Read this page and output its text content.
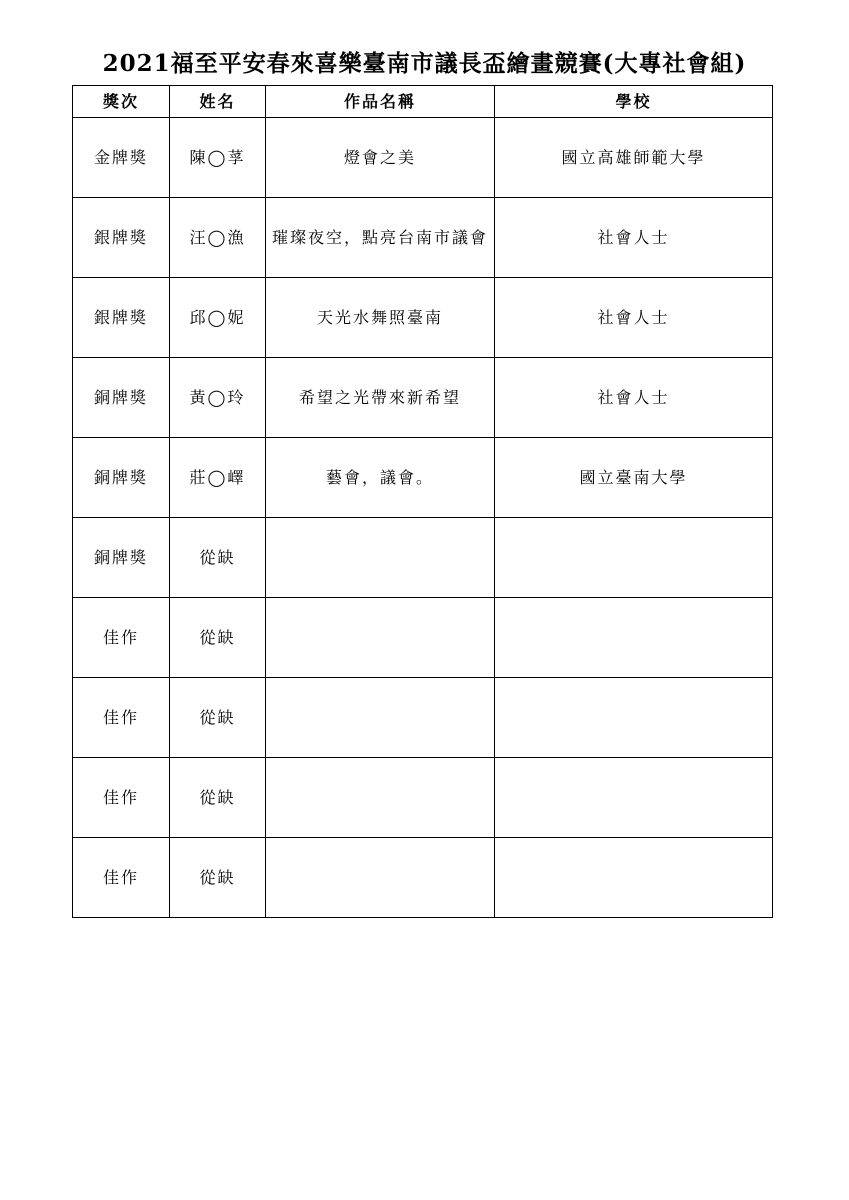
2021福至平安春來喜樂臺南市議長盃繪畫競賽(大專社會組)
獎次	姓名	作品名稱	學校
金牌獎	陳◯莩	燈會之美	國立高雄師範大學
銀牌獎	汪◯漁	璀璨夜空，點亮台南市議會	社會人士
銀牌獎	邱◯妮	天光水舞照臺南	社會人士
銅牌獎	黃◯玲	希望之光帶來新希望	社會人士
銅牌獎	莊◯嶧	藝會，議會。	國立臺南大學
銅牌獎	從缺		
佳作	從缺		
佳作	從缺		
佳作	從缺		
佳作	從缺		
